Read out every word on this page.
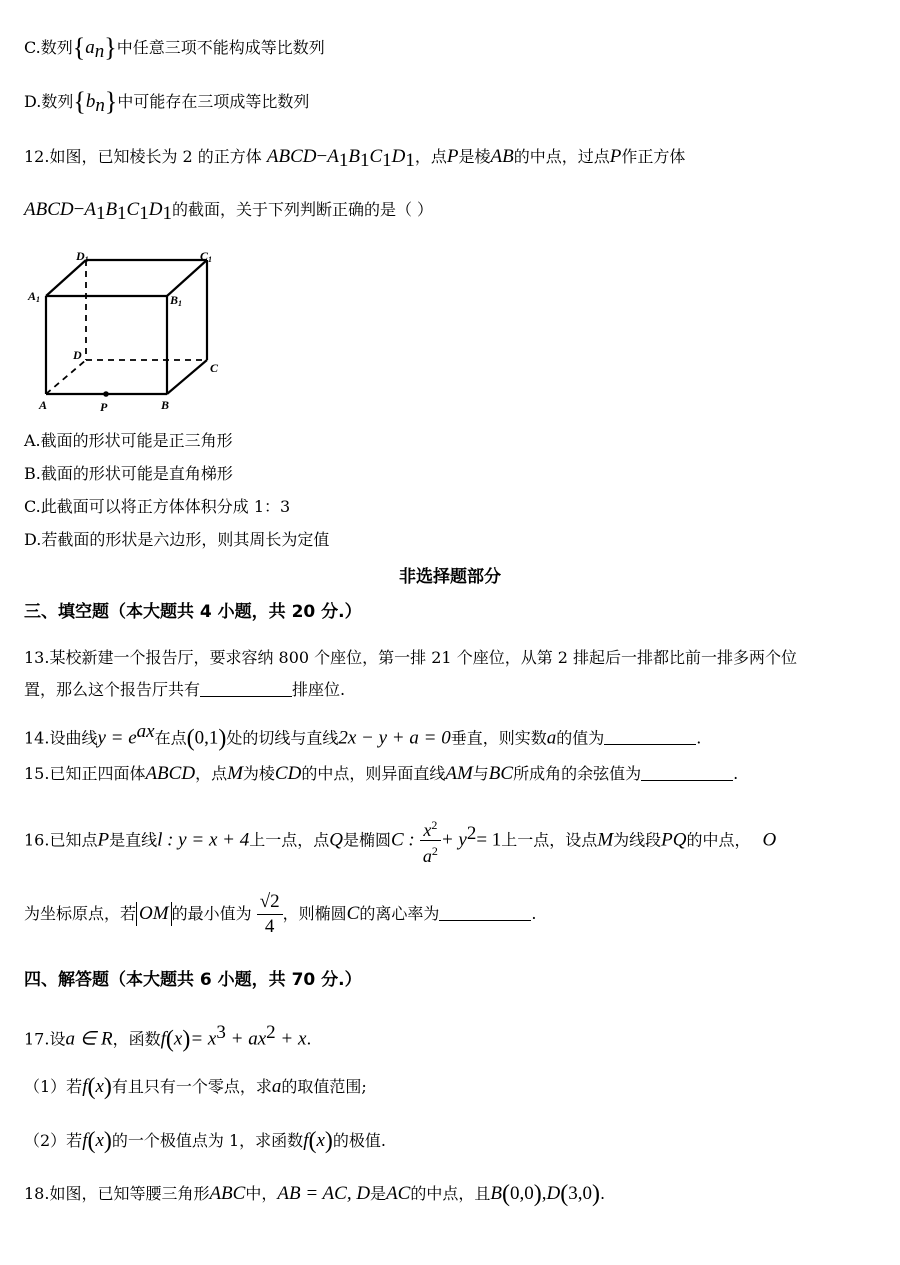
C.数列$\{a_n\}$中任意三项不能构成等比数列
D.数列$\{b_n\}$中可能存在三项成等比数列
12.如图，已知棱长为 2 的正方体 $ABCD-A_1B_1C_1D_1$，点P是棱AB的中点，过点P作正方体
$ABCD-A_1B_1C_1D_1$的截面，关于下列判断正确的是（ ）
D1	C1
A1	B1
D
C
A	P	B
A.截面的形状可能是正三角形
B.截面的形状可能是直角梯形
C.此截面可以将正方体体积分成 1：3
D.若截面的形状是六边形，则其周长为定值
非选择题部分
三、填空题（本大题共 4 小题，共 20 分.）
13.某校新建一个报告厅，要求容纳 800 个座位，第一排 21 个座位，从第 2 排起后一排都比前一排多两个位
置，那么这个报告厅共有	排座位.
14.设曲线$y = e^{ax}$在点(0,1)处的切线与直线2x − y + a = 0垂直，则实数a的值为	.
15.已知正四面体ABCD，点M为棱CD的中点，则异面直线AM与BC所成角的余弦值为	.
16.已知点P是直线l : y = x + 4上一点，点Q是椭圆C : $\frac{x^2}{a^2} + y^2= 1$上一点，设点M为线段PQ的中点， O
为坐标原点，若 OM 的最小值为 $\frac{√2}{4}$ ，则椭圆C的离心率为	.
四、解答题（本大题共 6 小题，共 70 分.）
17.设a ∈ R，函数$f(x)= x^3 + ax^2 + x$.
（1）若f(x)有且只有一个零点，求a的取值范围;
（2）若f(x)的一个极值点为 1，求函数f(x)的极值.
18.如图，已知等腰三角形ABC中，AB = AC, D是AC的中点，且B(0,0),D(3,0).
